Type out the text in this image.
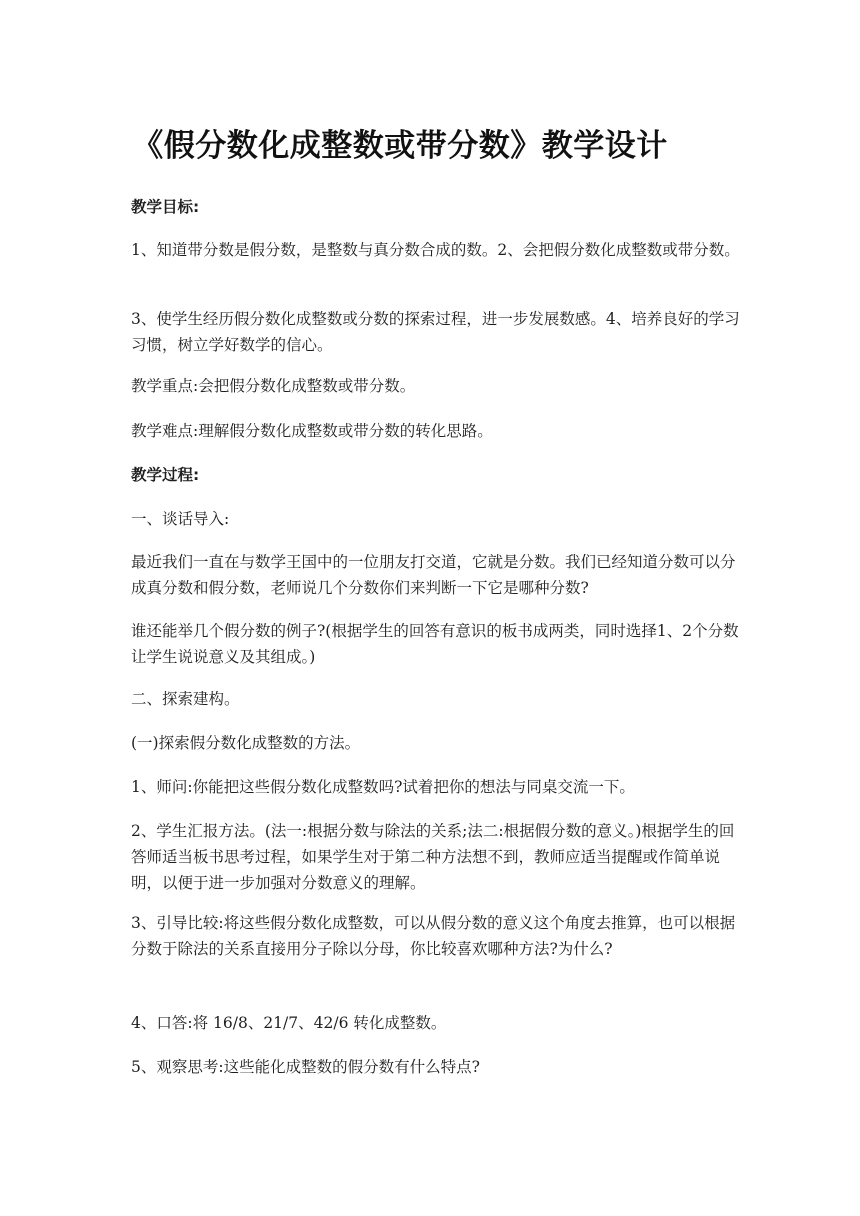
《假分数化成整数或带分数》教学设计

教学目标:

1、知道带分数是假分数，是整数与真分数合成的数。2、会把假分数化成整数或带分数。

3、使学生经历假分数化成整数或分数的探索过程，进一步发展数感。4、培养良好的学习习惯，树立学好数学的信心。

教学重点:会把假分数化成整数或带分数。

教学难点:理解假分数化成整数或带分数的转化思路。

教学过程:

一、谈话导入:

最近我们一直在与数学王国中的一位朋友打交道，它就是分数。我们已经知道分数可以分成真分数和假分数，老师说几个分数你们来判断一下它是哪种分数?

谁还能举几个假分数的例子?(根据学生的回答有意识的板书成两类，同时选择1、2个分数让学生说说意义及其组成。)

二、探索建构。

(一)探索假分数化成整数的方法。

1、师问:你能把这些假分数化成整数吗?试着把你的想法与同桌交流一下。

2、学生汇报方法。(法一:根据分数与除法的关系;法二:根据假分数的意义。)根据学生的回答师适当板书思考过程，如果学生对于第二种方法想不到，教师应适当提醒或作简单说明，以便于进一步加强对分数意义的理解。

3、引导比较:将这些假分数化成整数，可以从假分数的意义这个角度去推算，也可以根据分数于除法的关系直接用分子除以分母，你比较喜欢哪种方法?为什么?

4、口答:将 16/8、21/7、42/6 转化成整数。

5、观察思考:这些能化成整数的假分数有什么特点?
